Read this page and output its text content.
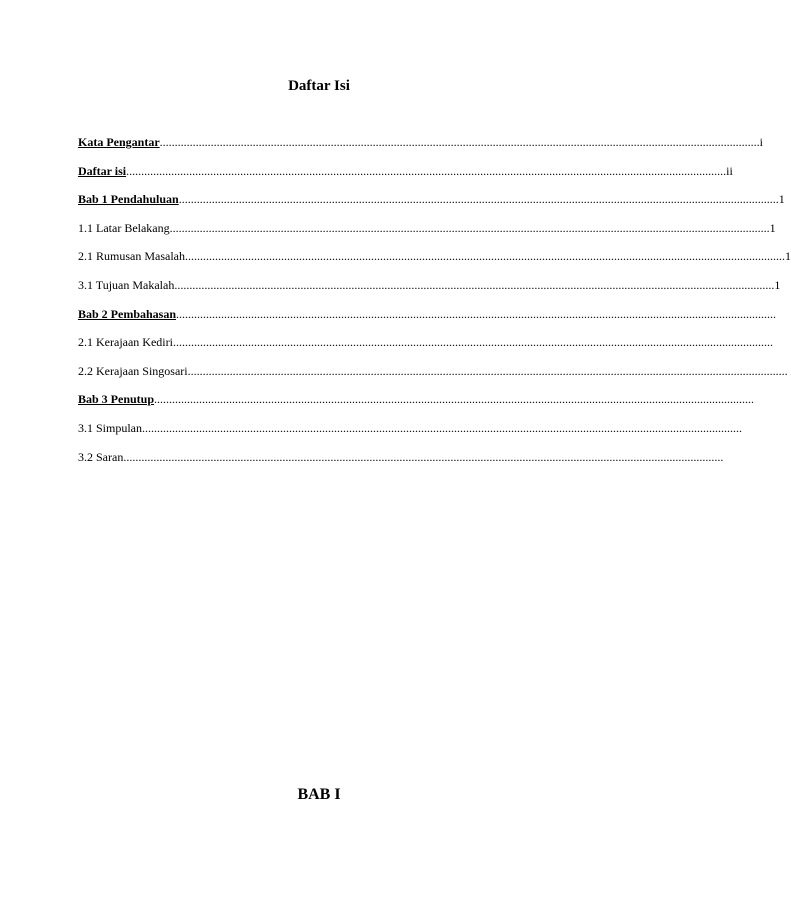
Daftar Isi
Kata Pengantar ........................................................................................................................................................................................................ i
Daftar isi ........................................................................................................................................................................................................ ii
Bab 1 Pendahuluan ........................................................................................................................................................................................................ 1
1.1 Latar Belakang ........................................................................................................................................................................................................ 1
2.1 Rumusan Masalah ........................................................................................................................................................................................................ 1
3.1 Tujuan Makalah ........................................................................................................................................................................................................ 1
Bab 2 Pembahasan ........................................................................................................................................................................................................
2.1 Kerajaan Kediri ........................................................................................................................................................................................................
2.2 Kerajaan Singosari ........................................................................................................................................................................................................
Bab 3 Penutup ........................................................................................................................................................................................................
3.1 Simpulan ........................................................................................................................................................................................................
3.2 Saran ........................................................................................................................................................................................................
BAB I
